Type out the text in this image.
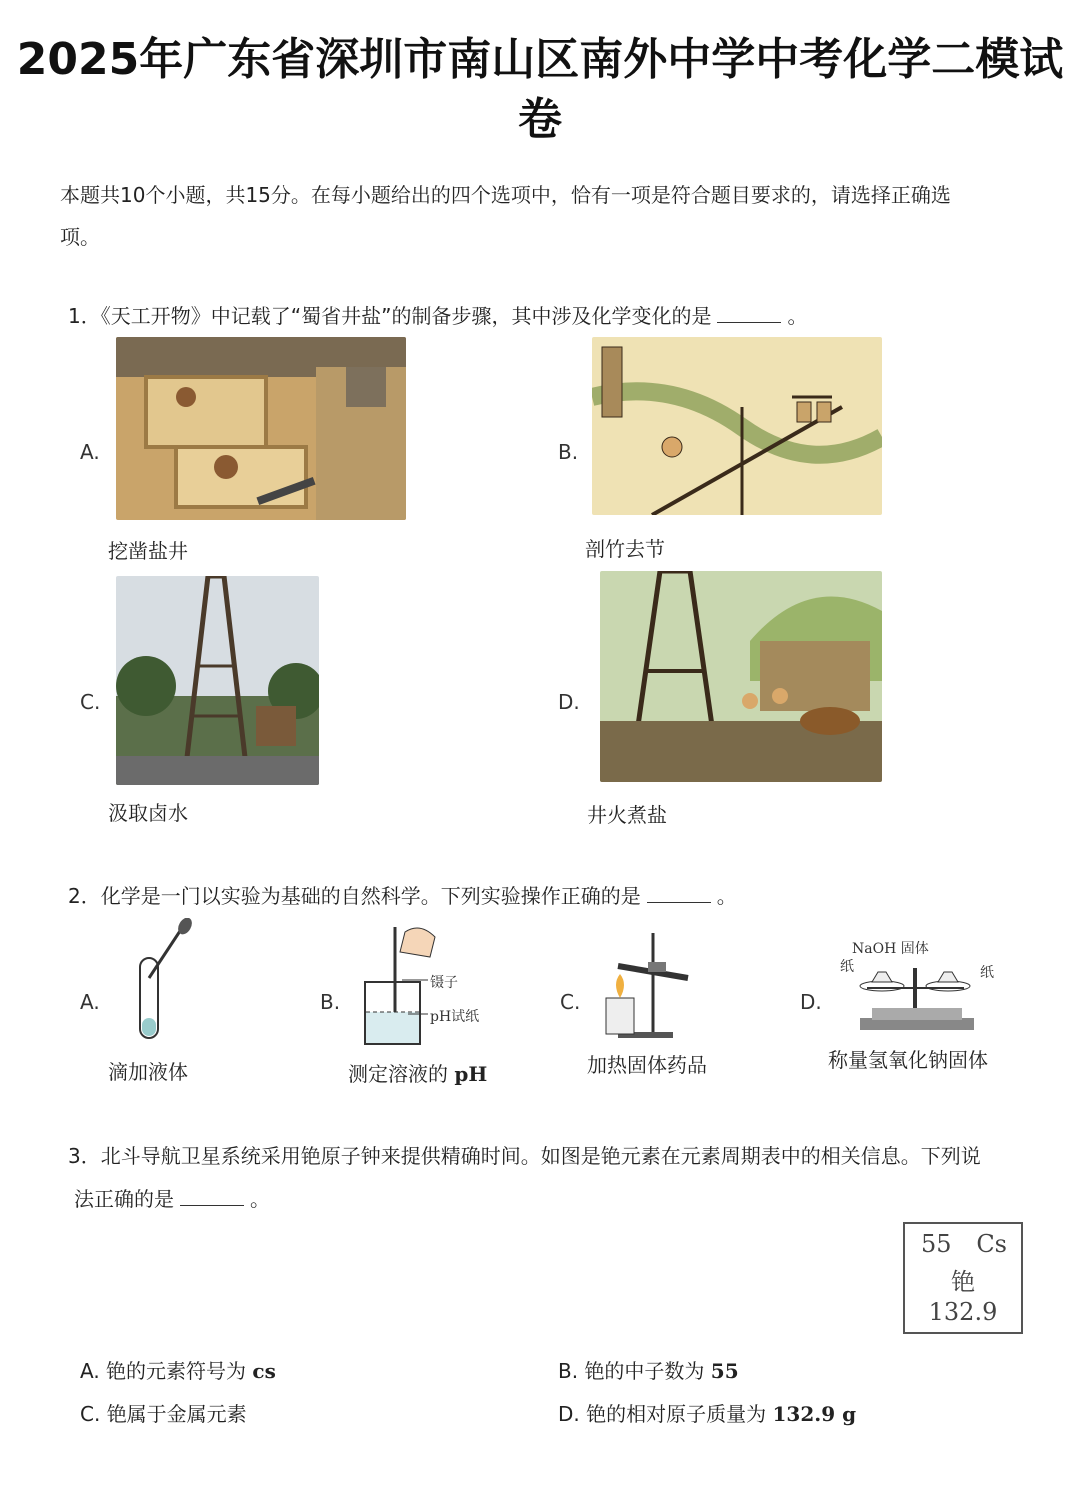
2025年广东省深圳市南山区南外中学中考化学二模试
卷
本题共10个小题，共15分。在每小题给出的四个选项中，恰有一项是符合题目要求的，请选择正确选
项。
1．《天工开物》中记载了“蜀省井盐”的制备步骤，其中涉及化学变化的是	。
A.
挖凿盐井
B.
剖竹去节
C.
汲取卤水
D.
井火煮盐
2．化学是一门以实验为基础的自然科学。下列实验操作正确的是	。
A.
滴加液体
B.
镊子
pH试纸
测定溶液的 pH
C.
加热固体药品
D.
NaOH 固体
纸	纸
称量氢氧化钠固体
3．北斗导航卫星系统采用铯原子钟来提供精确时间。如图是铯元素在元素周期表中的相关信息。下列说
法正确的是	。
55 Cs
铯
132.9
A. 铯的元素符号为 cs	B. 铯的中子数为 55
C. 铯属于金属元素	D. 铯的相对原子质量为 132.9 g
